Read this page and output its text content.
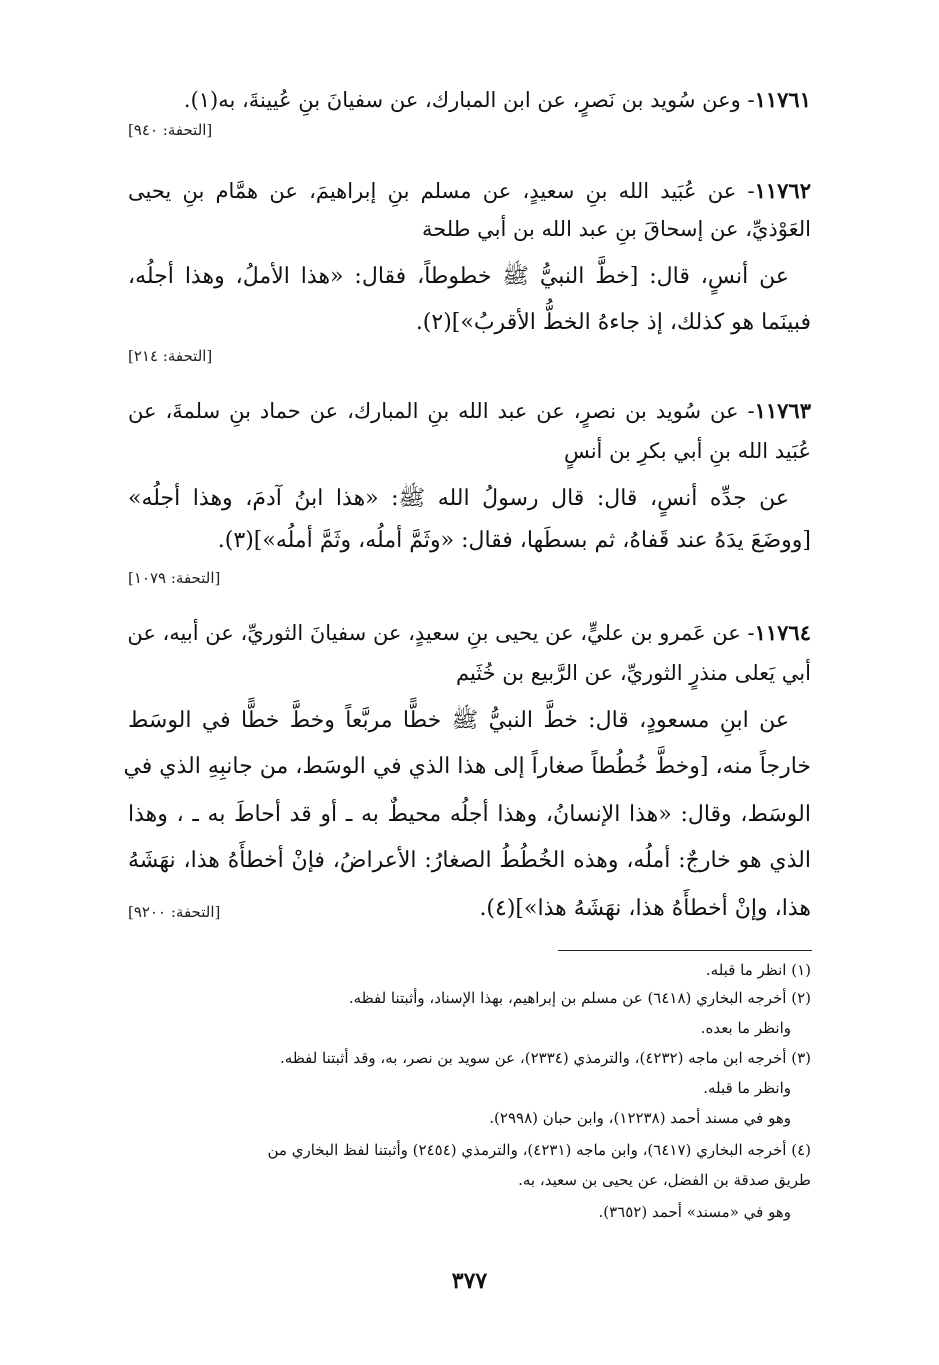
١١٧٦١- وعن سُويد بن نَصرٍ، عن ابن المبارك، عن سفيانَ بنِ عُيينةَ، به(١).
[التحفة: ٩٤٠]
١١٧٦٢- عن عُبَيد الله بنِ سعيدٍ، عن مسلم بنِ إبراهيمَ، عن همَّام بنِ يحيى
العَوْذيِّ، عن إسحاقَ بنِ عبد الله بن أبي طلحة
عن أنسٍ، قال: [خطَّ النبيُّ ﷺ خطوطاً، فقال: «هذا الأملُ، وهذا أجلُه،
فبينَما هو كذلك، إذ جاءهُ الخطُّ الأقربُ»](٢).
[التحفة: ٢١٤]
١١٧٦٣- عن سُويد بن نصرٍ، عن عبد الله بنِ المبارك، عن حماد بنِ سلمةَ، عن
عُبَيد الله بنِ أبي بكرِ بن أنسٍ
عن جدِّه أنسٍ، قال: قال رسولُ الله ﷺ: «هذا ابنُ آدمَ، وهذا أجلُه»
[ووضَعَ يدَهُ عند قَفاهُ، ثم بسطَها، فقال: «وثَمَّ أملُه، وثَمَّ أملُه»](٣).
[التحفة: ١٠٧٩]
١١٧٦٤- عن عَمرو بن عليٍّ، عن يحيى بنِ سعيدٍ، عن سفيانَ الثوريِّ، عن أبيه، عن
أبي يَعلى منذرٍ الثوريِّ، عن الرَّبيع بن خُثَيم
عن ابنِ مسعودٍ، قال: خطَّ النبيُّ ﷺ خطًّا مربَّعاً وخطَّ خطًّا في الوسَط
خارجاً منه، [وخطَّ خُطُطاً صغاراً إلى هذا الذي في الوسَط، من جانبِهِ الذي في
الوسَط، وقال: «هذا الإنسانُ، وهذا أجلُه محيطٌ به ـ أو قد أحاطَ به ـ ، وهذا
الذي هو خارجٌ: أملُه، وهذه الخُطُطُ الصغارُ: الأعراضُ، فإنْ أخطأَهُ هذا، نهَشَهُ
هذا، وإنْ أخطأَهُ هذا، نهَشَهُ هذا»](٤).
[التحفة: ٩٢٠٠]
(١) انظر ما قبله.
(٢) أخرجه البخاري (٦٤١٨) عن مسلم بن إبراهيم، بهذا الإسناد، وأثبتنا لفظه.
وانظر ما بعده.
(٣) أخرجه ابن ماجه (٤٢٣٢)، والترمذي (٢٣٣٤)، عن سويد بن نصر، به، وقد أثبتنا لفظه.
وانظر ما قبله.
وهو في مسند أحمد (١٢٢٣٨)، وابن حبان (٢٩٩٨).
(٤) أخرجه البخاري (٦٤١٧)، وابن ماجه (٤٢٣١)، والترمذي (٢٤٥٤) وأثبتنا لفظ البخاري من
طريق صدقة بن الفضل، عن يحيى بن سعيد، به.
وهو في «مسند» أحمد (٣٦٥٢).
٣٧٧
